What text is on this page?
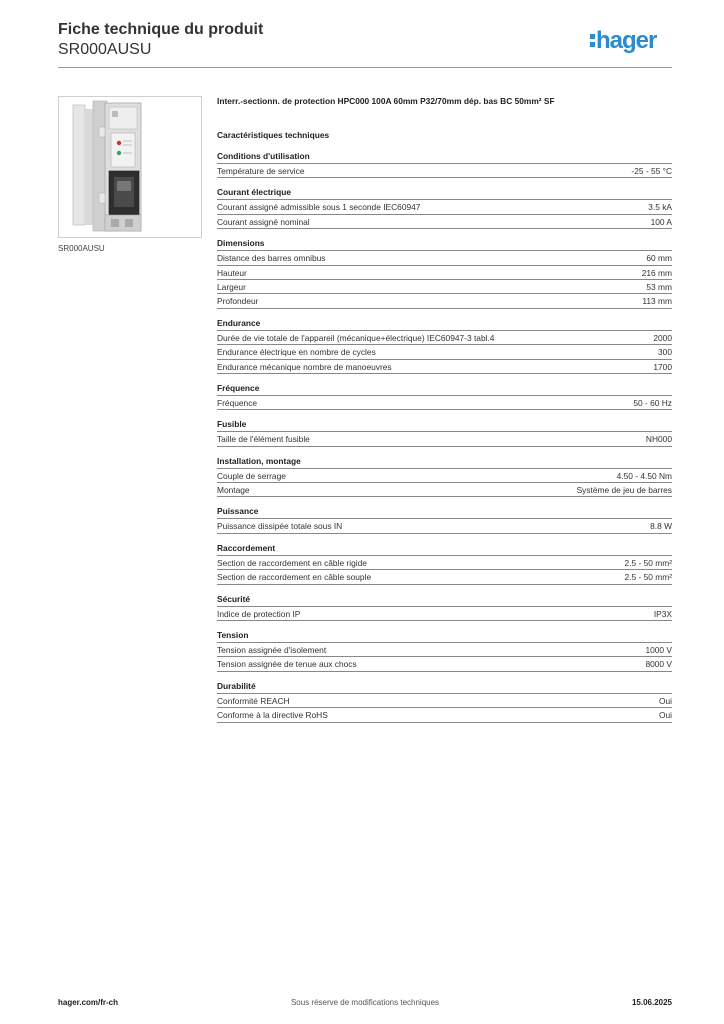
Fiche technique du produit
SR000AUSU	hager
SR000AUSU
Interr.-sectionn. de protection HPC000 100A 60mm P32/70mm dép. bas BC 50mm² SF
Caractéristiques techniques
Conditions d'utilisation
Température de service	-25 - 55 °C
Courant électrique
Courant assigné admissible sous 1 seconde IEC60947	3.5 kA
Courant assigné nominal	100 A
Dimensions
Distance des barres omnibus	60 mm
Hauteur	216 mm
Largeur	53 mm
Profondeur	113 mm
Endurance
Durée de vie totale de l'appareil (mécanique+électrique) IEC60947-3 tabl.4	2000
Endurance électrique en nombre de cycles	300
Endurance mécanique nombre de manoeuvres	1700
Fréquence
Fréquence	50 - 60 Hz
Fusible
Taille de l'élément fusible	NH000
Installation, montage
Couple de serrage	4.50 - 4.50 Nm
Montage	Système de jeu de barres
Puissance
Puissance dissipée totale sous IN	8.8 W
Raccordement
Section de raccordement en câble rigide	2.5 - 50 mm²
Section de raccordement en câble souple	2.5 - 50 mm²
Sécurité
Indice de protection IP	IP3X
Tension
Tension assignée d'isolement	1000 V
Tension assignée de tenue aux chocs	8000 V
Durabilité
Conformité REACH	Oui
Conforme à la directive RoHS	Oui
hager.com/fr-ch	Sous réserve de modifications techniques	15.06.2025
